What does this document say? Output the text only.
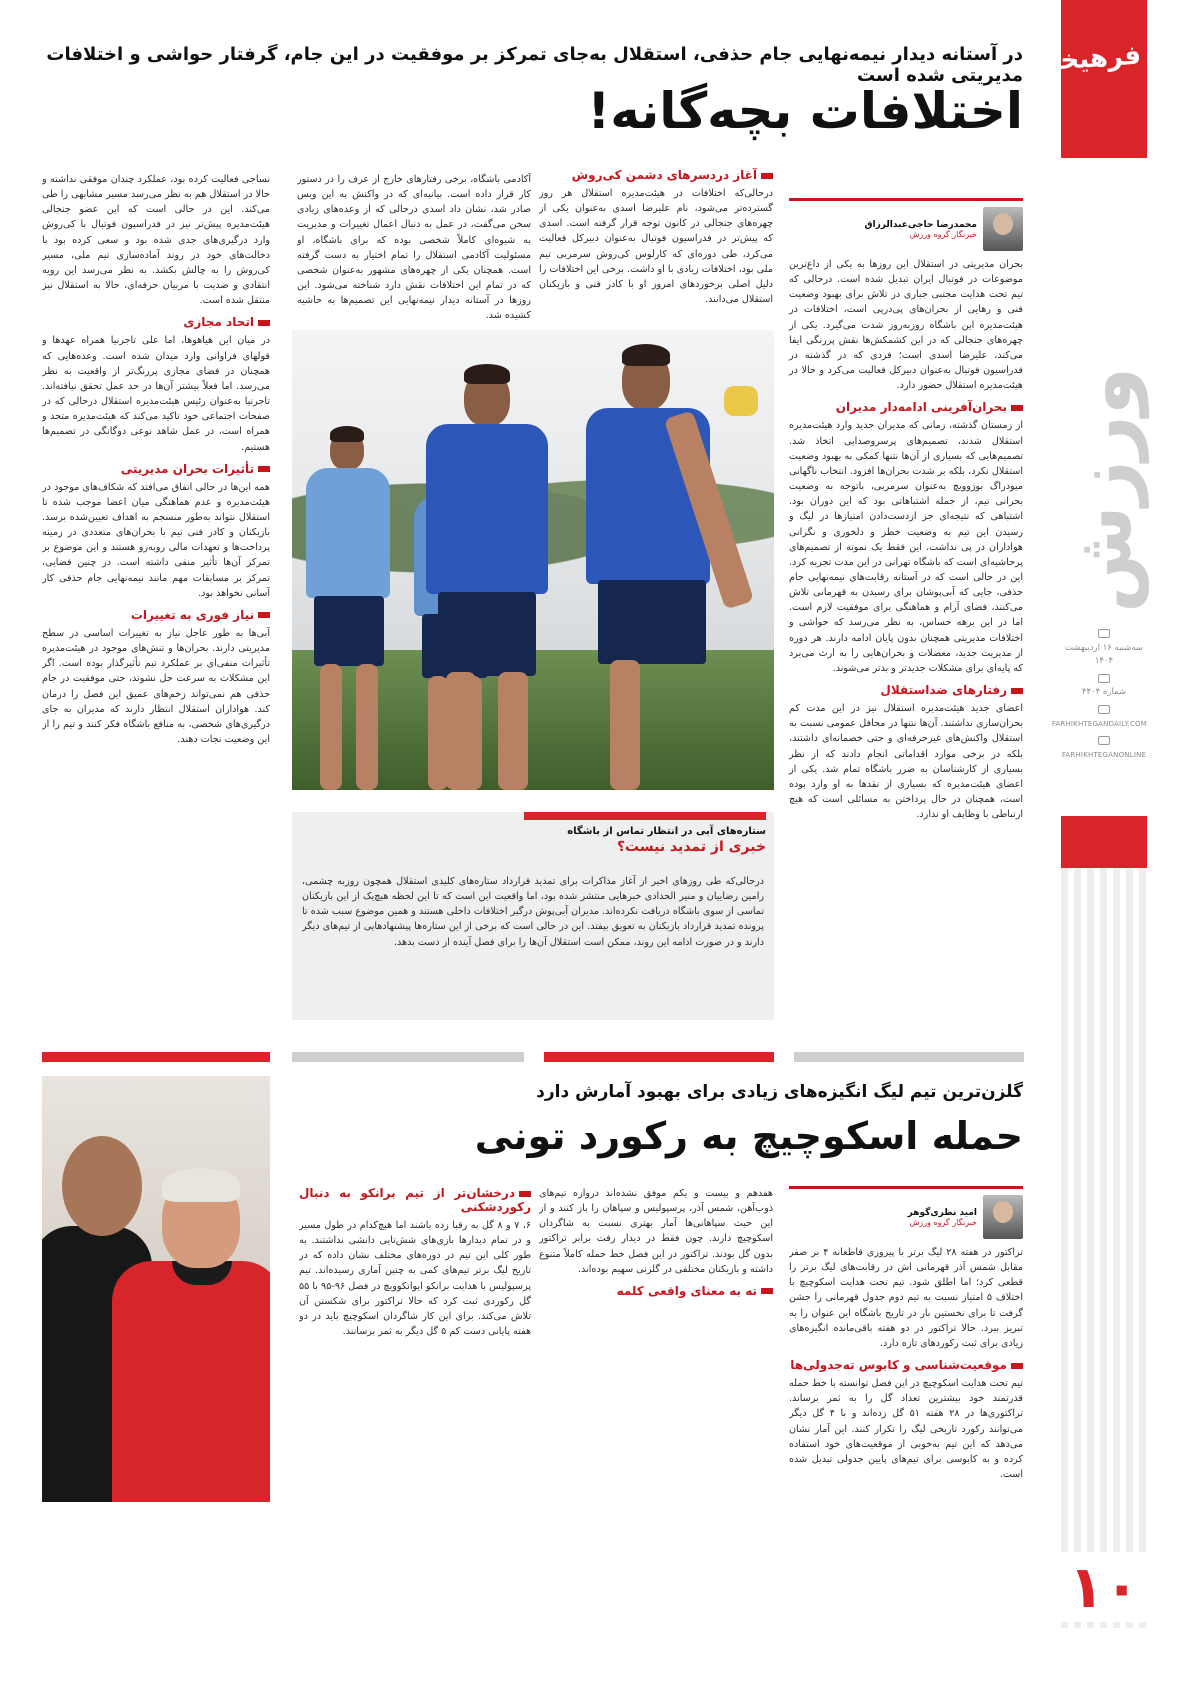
فرهیختگان
ورزش

سه‌شنبه ۱۶ اردیبهشت ۱۴۰۴

شماره ۴۴۰۴

FARHIKHTEGANDAILY.COM

FARHIKHTEGANONLINE
۱۰
در آستانه دیدار نیمه‌نهایی جام حذفی، استقلال به‌جای تمرکز بر موفقیت در این جام، گرفتار حواشی و اختلافات مدیریتی شده است
اختلافات بچه‌گانه!
محمدرضا حاجی‌عبدالرزاق
خبرنگار گروه ورزش

بحران مدیریتی در استقلال این روزها به یکی از داغ‌ترین موضوعات در فوتبال ایران تبدیل شده است. درحالی که تیم تحت هدایت مجتبی جباری در تلاش برای بهبود وضعیت فنی و رهایی از بحران‌های پی‌درپی است، اختلافات در هیئت‌مدیره این باشگاه روزبه‌روز شدت می‌گیرد. یکی از چهره‌های جنجالی که در این کشمکش‌ها نقش پررنگی ایفا می‌کند، علیرضا اسدی است؛ فردی که در گذشته در فدراسیون فوتبال به‌عنوان دبیرکل فعالیت می‌کرد و حالا در هیئت‌مدیره استقلال حضور دارد.

بحران‌آفرینی ادامه‌دار مدیران

از زمستان گذشته، زمانی که مدیران جدید وارد هیئت‌مدیره استقلال شدند، تصمیم‌های پرسروصدایی اتخاذ شد. تصمیم‌هایی که بسیاری از آن‌ها نتنها کمکی به بهبود وضعیت استقلال نکرد، بلکه بر شدت بحران‌ها افزود. انتخاب ناگهانی میودراگ بوژوویچ به‌عنوان سرمربی، باتوجه به وضعیت بحرانی تیم، از جمله اشتباهاتی بود که این دوران بود. اشتباهی که نتیجه‌ای جز ازدست‌دادن امتیازها در لیگ و رسیدن این تیم به وضعیت خطر و دلخوری و نگرانی هواداران در پی نداشت. این فقط یک نمونه از تصمیم‌های پرحاشیه‌ای است که باشگاه تهرانی در این مدت تجربه کرد. این در حالی است که در آستانه رقابت‌های نیمه‌نهایی جام حذفی، جایی که آبی‌پوشان برای رسیدن به قهرمانی تلاش می‌کنند، فضای آرام و هماهنگی برای موفقیت لازم است. اما در این برهه حساس، به نظر می‌رسد که حواشی و اختلافات مدیریتی همچنان بدون پایان ادامه دارند. هر دوره از مدیریت جدید، معضلات و بحران‌هایی را به ارث می‌برد که پایه‌ای برای مشکلات جدیدتر و بدتر می‌شوند.

رفتارهای ضداستقلال

اعضای جدید هیئت‌مدیره استقلال نیز در این مدت کم بحران‌سازی نداشتند. آن‌ها نتنها در محافل عمومی نسبت به استقلال واکنش‌های غیرحرفه‌ای و حتی خصمانه‌ای داشتند، بلکه در برخی موارد اقداماتی انجام دادند که از نظر بسیاری از کارشناسان به ضرر باشگاه تمام شد. یکی از اعضای هیئت‌مدیره که بسیاری از نقدها به او وارد بوده است، همچنان در حال پرداختن به مسائلی است که هیچ ارتباطی با وظایف او ندارد.

آغاز دردسرهای دشمن کی‌روش

درحالی‌که اختلافات در هیئت‌مدیره استقلال هر روز گسترده‌تر می‌شود، نام علیرضا اسدی به‌عنوان یکی از چهره‌های جنجالی در کانون توجه قرار گرفته است. اسدی که پیش‌تر در فدراسیون فوتبال به‌عنوان دبیرکل فعالیت می‌کرد، طی دوره‌ای که کارلوس کی‌روش سرمربی تیم ملی بود، اختلافات زیادی با او داشت. برخی این اختلافات را دلیل اصلی برخوردهای امروز او با کادر فنی و بازیکنان استقلال می‌دانند.

آکادمی باشگاه، برخی رفتارهای خارج از عرف را در دستور کار قرار داده است. بیانیه‌ای که در واکنش به این ویس صادر شد، نشان داد اسدی درحالی که از وعده‌های زیادی سخن می‌گفت، در عمل به دنبال اعمال تغییرات و مدیریت به شیوه‌ای کاملاً شخصی بوده که برای باشگاه، او مسئولیت آکادمی استقلال را تمام اختیار به دست گرفته است. همچنان یکی از چهره‌های مشهور به‌عنوان شخصی که در تمام این اختلافات نقش دارد شناخته می‌شود. این روزها در آستانه دیدار نیمه‌نهایی این تصمیم‌ها به حاشیه کشیده شد.

نساجی فعالیت کرده بود، عملکرد چندان موفقی نداشته و حالا در استقلال هم به نظر می‌رسد مسیر مشابهی را طی می‌کند. این در حالی است که این عضو جنجالی هیئت‌مدیره پیش‌تر نیز در فدراسیون فوتبال با کی‌روش وارد درگیری‌های جدی شده بود و سعی کرده بود با دخالت‌های خود در روند آماده‌سازی تیم ملی، مسیر کی‌روش را به چالش بکشد. به نظر می‌رسد این رویه انتقادی و ضدیت با مربیان حرفه‌ای، حالا به استقلال نیز منتقل شده است.

اتحاد مجازی

در میان این هیاهوها، اما علی تاجرنیا همراه عهدها و قولهای فراوانی وارد میدان شده است. وعده‌هایی که همچنان در فضای مجازی پررنگ‌تر از واقعیت به نظر می‌رسد. اما فعلاً بیشتر آن‌ها در حد عمل تحقق نیافته‌اند. تاجرنیا به‌عنوان رئیس هیئت‌مدیره استقلال درحالی که در صفحات اجتماعی خود تاکید می‌کند که هیئت‌مدیره متحد و همراه است، در عمل شاهد نوعی دوگانگی در تصمیم‌ها هستیم.

تأثیرات بحران مدیریتی

همه این‌ها در حالی اتفاق می‌افتد که شکاف‌های موجود در هیئت‌مدیره و عدم هماهنگی میان اعضا موجب شده تا استقلال نتواند به‌طور منسجم به اهداف تعیین‌شده برسد. بازیکنان و کادر فنی تیم با بحران‌های متعددی در زمینه پرداخت‌ها و تعهدات مالی روبه‌رو هستند و این موضوع بر تمرکز آن‌ها تأثیر منفی داشته است. در چنین فضایی، تمرکز بر مسابقات مهم مانند نیمه‌نهایی جام حذفی کار آسانی نخواهد بود.

نیاز فوری به تغییرات

آبی‌ها به طور عاجل نیاز به تغییرات اساسی در سطح مدیریتی دارند. بحران‌ها و تنش‌های موجود در هیئت‌مدیره تأثیرات منفی‌ای بر عملکرد تیم تأثیرگذار بوده است. اگر این مشکلات به سرعت حل نشوند، حتی موفقیت در جام حذفی هم نمی‌تواند زخم‌های عمیق این فصل را درمان کند. هواداران استقلال انتظار دارند که مدیران به جای درگیری‌های شخصی، به منافع باشگاه فکر کنند و تیم را از این وضعیت نجات دهند.

ستاره‌های آبی در انتظار تماس از باشگاه
خبری از تمدید نیست؟

درحالی‌که طی روزهای اخیر از آغاز مذاکرات برای تمدید قرارداد ستاره‌های کلیدی استقلال همچون روزبه چشمی، رامین رضاییان و منیر الحدادی خبرهایی منتشر شده بود، اما واقعیت این است که تا این لحظه هیچ‌یک از این بازیکنان تماسی از سوی باشگاه دریافت نکرده‌اند. مدیران آبی‌پوش درگیر اختلافات داخلی هستند و همین موضوع سبب شده تا پرونده تمدید قرارداد بازیکنان به تعویق بیفتد. این در حالی است که برخی از این ستاره‌ها پیشنهادهایی از تیم‌های دیگر دارند و در صورت ادامه این روند، ممکن است استقلال آن‌ها را برای فصل آینده از دست بدهد.

گلزن‌ترین تیم لیگ انگیزه‌های زیادی برای بهبود آمارش دارد
حمله اسکوچیچ به رکورد تونی
امید نظری‌گوهر
خبرنگار گروه ورزش

تراکتور در هفته ۲۸ لیگ برتر با پیروزی قاطعانه ۴ بر صفر مقابل شمس آذر قهرمانی اش در رقابت‌های لیگ برتر را قطعی کرد؛ اما اطلق شود. تیم تحت هدایت اسکوچیچ با اختلاف ۵ امتیاز نسبت به تیم دوم جدول قهرمانی را جشن گرفت تا برای نخستین بار در تاریخ باشگاه این عنوان را به تبریز ببرد. حالا تراکتور در دو هفته باقی‌مانده انگیزه‌های زیادی برای ثبت رکوردهای تازه دارد.

موقعیت‌شناسی و کابوس ته‌جدولی‌ها

تیم تحت هدایت اسکوچیچ در این فصل توانسته با خط حمله قدرتمند خود بیشترین تعداد گل را به ثمر برساند. تراکتوری‌ها در ۲۸ هفته ۵۱ گل زده‌اند و با ۴ گل دیگر می‌توانند رکورد تاریخی لیگ را تکرار کنند. این آمار نشان می‌دهد که این تیم به‌خوبی از موقعیت‌های خود استفاده کرده و به کابوسی برای تیم‌های پایین جدولی تبدیل شده است.

هفدهم و بیست و یکم موفق نشده‌اند دروازه تیم‌های ذوب‌آهن، شمس آذر، پرسپولیس و سپاهان را باز کنند و از این حیث سپاهانی‌ها آمار بهتری نسبت به شاگردان اسکوچیچ دارند. چون فقط در دیدار رفت برابر تراکتور بدون گل بودند. تراکتور در این فصل خط حمله کاملاً متنوع داشته و بازیکنان مختلفی در گلزنی سهیم بوده‌اند.

ته به معنای واقعی کلمه
درخشان‌تر از تیم برانکو به دنبال رکوردشکنی

۶، ۷ و ۸ گل به رقبا زده باشند اما هیچ‌کدام در طول مسیر و در تمام دیدارها بازی‌های شش‌تایی دانشی نداشتند. به طور کلی این تیم در دوره‌های مختلف نشان داده که در تاریخ لیگ برتر تیم‌های کمی به چنین آماری رسیده‌اند. تیم پرسپولیس با هدایت برانکو ایوانکوویچ در فصل ۹۶-۹۵ با ۵۵ گل رکوردی ثبت کرد که حالا تراکتور برای شکستن آن تلاش می‌کند. برای این کار شاگردان اسکوچیچ باید در دو هفته پایانی دست کم ۵ گل دیگر به ثمر برسانند.
